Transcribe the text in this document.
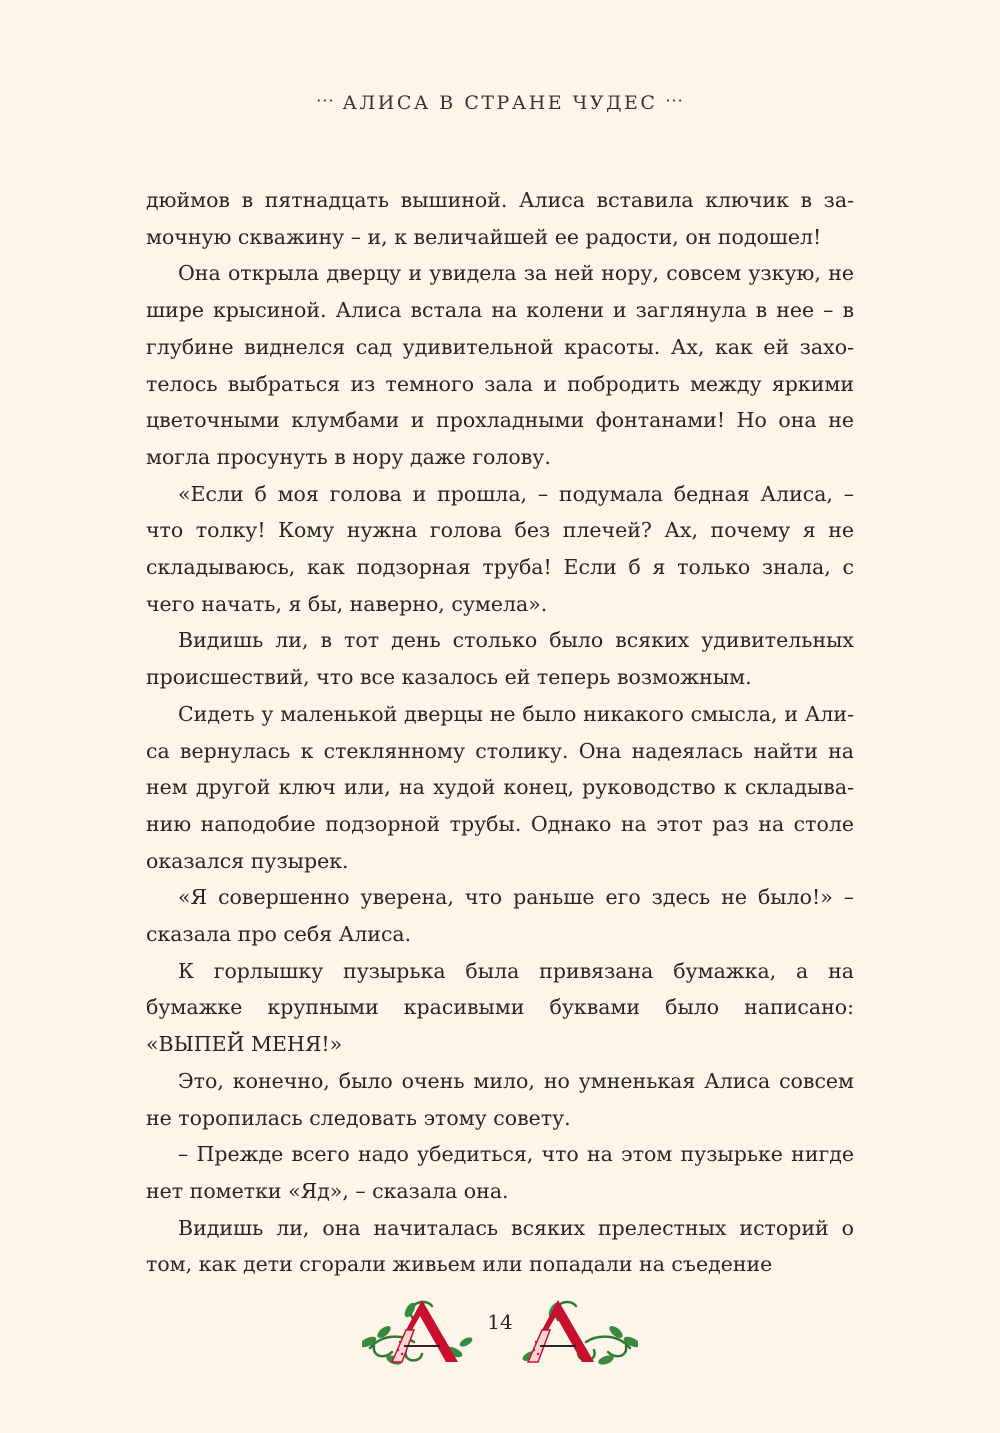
··· АЛИСА В СТРАНЕ ЧУДЕС ···

дюймов в пятнадцать вышиной. Алиса вставила ключик в замочную скважину – и, к величайшей ее радости, он подошел!

Она открыла дверцу и увидела за ней нору, совсем узкую, не шире крысиной. Алиса встала на колени и заглянула в нее – в глубине виднелся сад удивительной красоты. Ах, как ей захотелось выбраться из темного зала и побродить между яркими цветочными клумбами и прохладными фонтанами! Но она не могла просунуть в нору даже голову.

«Если б моя голова и прошла, – подумала бедная Алиса, – что толку! Кому нужна голова без плечей? Ах, почему я не складываюсь, как подзорная труба! Если б я только знала, с чего начать, я бы, наверно, сумела».

Видишь ли, в тот день столько было всяких удивительных происшествий, что все казалось ей теперь возможным.

Сидеть у маленькой дверцы не было никакого смысла, и Алиса вернулась к стеклянному столику. Она надеялась найти на нем другой ключ или, на худой конец, руководство к складыванию наподобие подзорной трубы. Однако на этот раз на столе оказался пузырек.

«Я совершенно уверена, что раньше его здесь не было!» – сказала про себя Алиса.

К горлышку пузырька была привязана бумажка, а на бумажке крупными красивыми буквами было написано: «ВЫПЕЙ МЕНЯ!»

Это, конечно, было очень мило, но умненькая Алиса совсем не торопилась следовать этому совету.

– Прежде всего надо убедиться, что на этом пузырьке нигде нет пометки «Яд», – сказала она.

Видишь ли, она начиталась всяких прелестных историй о том, как дети сгорали живьем или попадали на съедение

14
